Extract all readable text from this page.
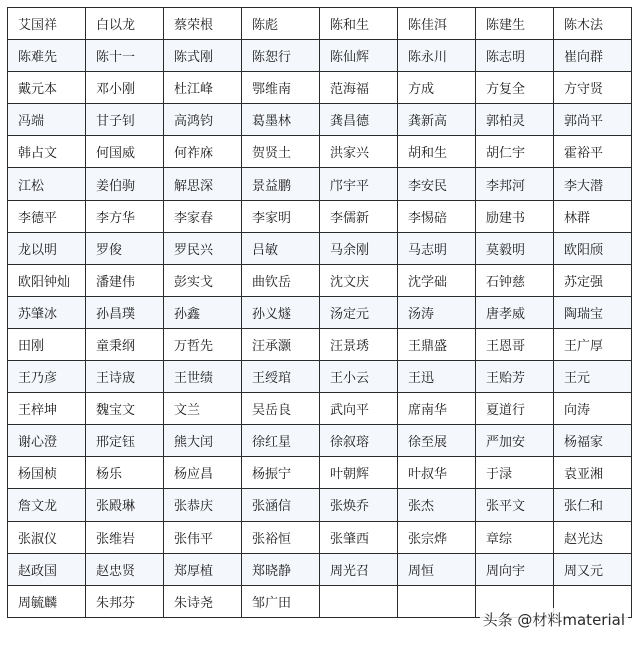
艾国祥	白以龙	蔡荣根	陈彪	陈和生	陈佳洱	陈建生	陈木法
陈难先	陈十一	陈式刚	陈恕行	陈仙辉	陈永川	陈志明	崔向群
戴元本	邓小刚	杜江峰	鄂维南	范海福	方成	方复全	方守贤
冯端	甘子钊	高鸿钧	葛墨林	龚昌德	龚新高	郭柏灵	郭尚平
韩占文	何国威	何祚庥	贺贤土	洪家兴	胡和生	胡仁宇	霍裕平
江松	姜伯驹	解思深	景益鹏	邝宇平	李安民	李邦河	李大潜
李德平	李方华	李家春	李家明	李儒新	李惕碚	励建书	林群
龙以明	罗俊	罗民兴	吕敏	马余刚	马志明	莫毅明	欧阳颀
欧阳钟灿	潘建伟	彭实戈	曲钦岳	沈文庆	沈学础	石钟慈	苏定强
苏肇冰	孙昌璞	孙鑫	孙义燧	汤定元	汤涛	唐孝威	陶瑞宝
田刚	童秉纲	万哲先	汪承灏	汪景琇	王鼎盛	王恩哥	王广厚
王乃彦	王诗宬	王世绩	王绶琯	王小云	王迅	王贻芳	王元
王梓坤	魏宝文	文兰	吴岳良	武向平	席南华	夏道行	向涛
谢心澄	邢定钰	熊大闰	徐红星	徐叙瑢	徐至展	严加安	杨福家
杨国桢	杨乐	杨应昌	杨振宁	叶朝辉	叶叔华	于渌	袁亚湘
詹文龙	张殿琳	张恭庆	张涵信	张焕乔	张杰	张平文	张仁和
张淑仪	张维岩	张伟平	张裕恒	张肇西	张宗烨	章综	赵光达
赵政国	赵忠贤	郑厚植	郑晓静	周光召	周恒	周向宇	周又元
周毓麟	朱邦芬	朱诗尧	邹广田				
头条 @材料material
